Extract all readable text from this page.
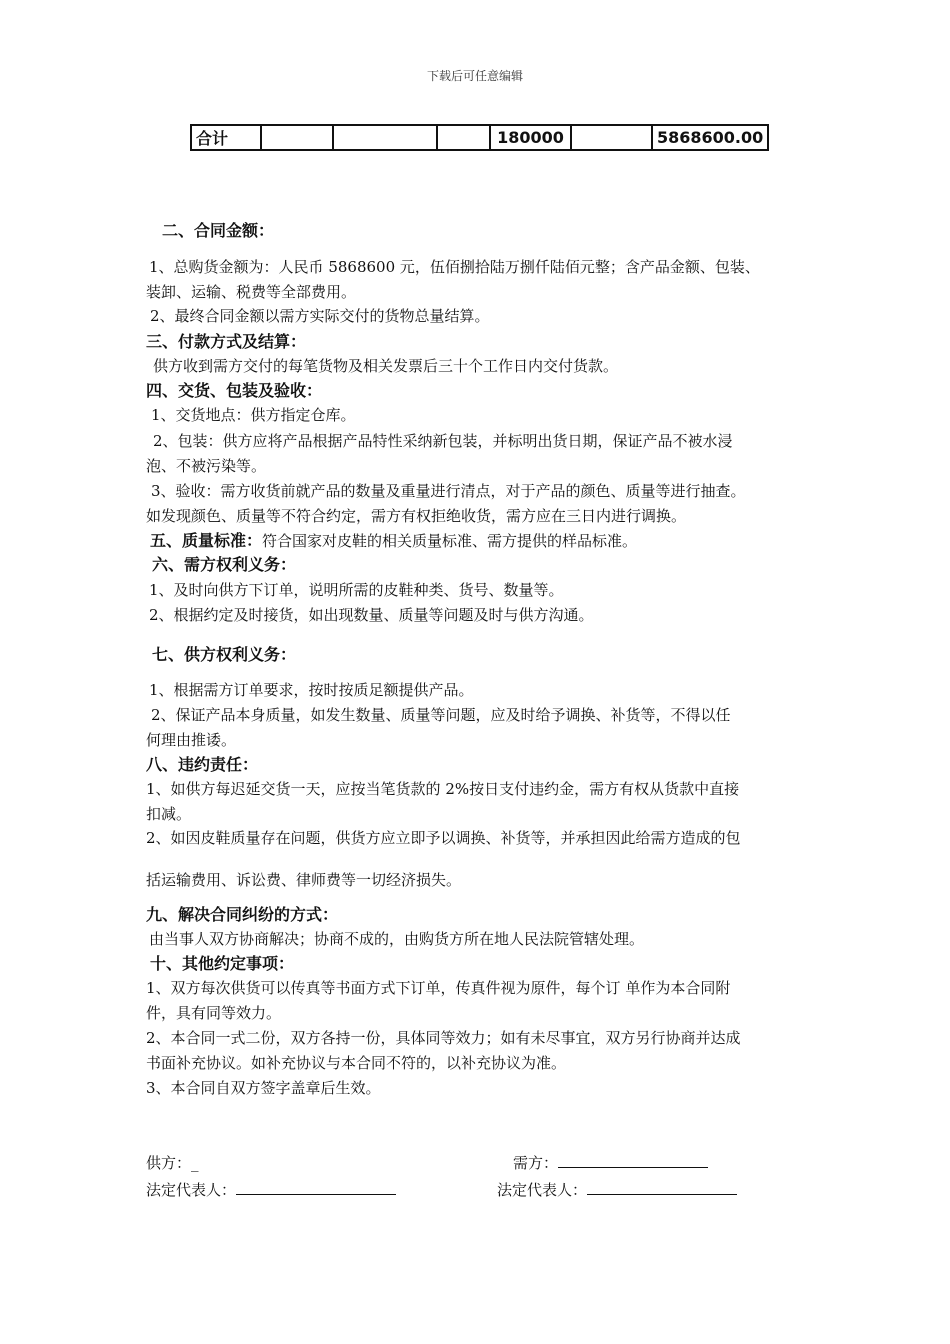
下载后可任意编辑
合计				180000		5868600.00
二、合同金额：
1、总购货金额为：人民币 5868600 元，伍佰捌拾陆万捌仟陆佰元整；含产品金额、包装、
装卸、运输、税费等全部费用。
2、最终合同金额以需方实际交付的货物总量结算。
三、付款方式及结算：
供方收到需方交付的每笔货物及相关发票后三十个工作日内交付货款。
四、交货、包装及验收：
1、交货地点：供方指定仓库。
2、包装：供方应将产品根据产品特性采纳新包装，并标明出货日期，保证产品不被水浸
泡、不被污染等。
3、验收：需方收货前就产品的数量及重量进行清点，对于产品的颜色、质量等进行抽查。
如发现颜色、质量等不符合约定，需方有权拒绝收货，需方应在三日内进行调换。
五、质量标准：符合国家对皮鞋的相关质量标准、需方提供的样品标准。
六、需方权利义务：
1、及时向供方下订单，说明所需的皮鞋种类、货号、数量等。
2、根据约定及时接货，如出现数量、质量等问题及时与供方沟通。
七、供方权利义务：
1、根据需方订单要求，按时按质足额提供产品。
2、保证产品本身质量，如发生数量、质量等问题，应及时给予调换、补货等，不得以任
何理由推诿。
八、违约责任：
1、如供方每迟延交货一天，应按当笔货款的 2%按日支付违约金，需方有权从货款中直接
扣减。
2、如因皮鞋质量存在问题，供货方应立即予以调换、补货等，并承担因此给需方造成的包
括运输费用、诉讼费、律师费等一切经济损失。
九、解决合同纠纷的方式：
由当事人双方协商解决；协商不成的，由购货方所在地人民法院管辖处理。
十、其他约定事项：
1、双方每次供货可以传真等书面方式下订单，传真件视为原件，每个订 单作为本合同附
件，具有同等效力。
2、本合同一式二份，双方各持一份，具体同等效力；如有未尽事宜，双方另行协商并达成
书面补充协议。如补充协议与本合同不符的，以补充协议为准。
3、本合同自双方签字盖章后生效。
供方：_	需方：
法定代表人：	法定代表人：
